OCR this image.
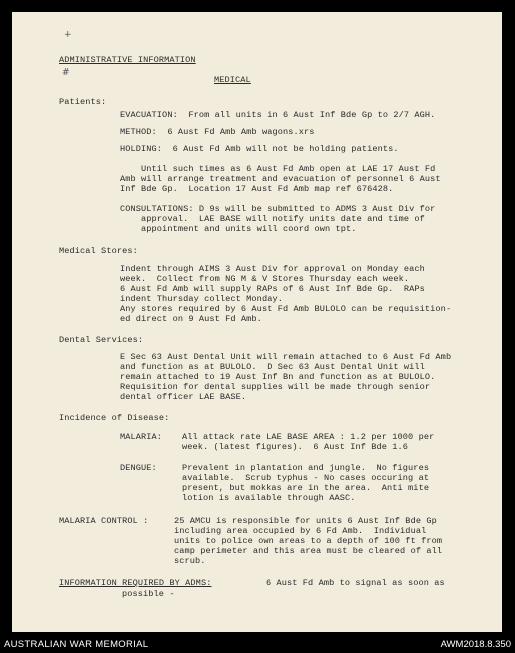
+
#
ADMINISTRATIVE INFORMATION
MEDICAL
Patients:
EVACUATION:  From all units in 6 Aust Inf Bde Gp to 2/7 AGH.
METHOD:  6 Aust Fd Amb Amb wagons.xrs
HOLDING:  6 Aust Fd Amb will not be holding patients.
Until such times as 6 Aust Fd Amb open at LAE 17 Aust Fd
Amb will arrange treatment and evacuation of personnel 6 Aust
Inf Bde Gp.  Location 17 Aust Fd Amb map ref 676428.
CONSULTATIONS: D 9s will be submitted to ADMS 3 Aust Div for
approval.  LAE BASE will notify units date and time of
appointment and units will coord own tpt.
Medical Stores:
Indent through AIMS 3 Aust Div for approval on Monday each
week.  Collect from NG M & V Stores Thursday each week.
6 Aust Fd Amb will supply RAPs of 6 Aust Inf Bde Gp.  RAPs
indent Thursday collect Monday.
Any stores required by 6 Aust Fd Amb BULOLO can be requisition-
ed direct on 9 Aust Fd Amb.
Dental Services:
E Sec 63 Aust Dental Unit will remain attached to 6 Aust Fd Amb
and function as at BULOLO.  D Sec 63 Aust Dental Unit will
remain attached to 19 Aust Inf Bn and function as at BULOLO.
Requisition for dental supplies will be made through senior
dental officer LAE BASE.
Incidence of Disease:
MALARIA: All attack rate LAE BASE AREA : 1.2 per 1000 per
week. (latest figures).  6 Aust Inf Bde 1.6
DENGUE:	Prevalent in plantation and jungle.  No figures
available.  Scrub typhus - No cases occuring at
present, but mokkas are in the area.  Anti mite
lotion is available through AASC.
MALARIA CONTROL :	25 AMCU is responsible for units 6 Aust Inf Bde Gp
including area occupied by 6 Fd Amb.  Individual
units to police own areas to a depth of 100 ft from
camp perimeter and this area must be cleared of all
scrub.
INFORMATION REQUIRED BY ADMS:	6 Aust Fd Amb to signal as soon as
possible -
AUSTRALIAN WAR MEMORIAL	AWM2018.8.350
